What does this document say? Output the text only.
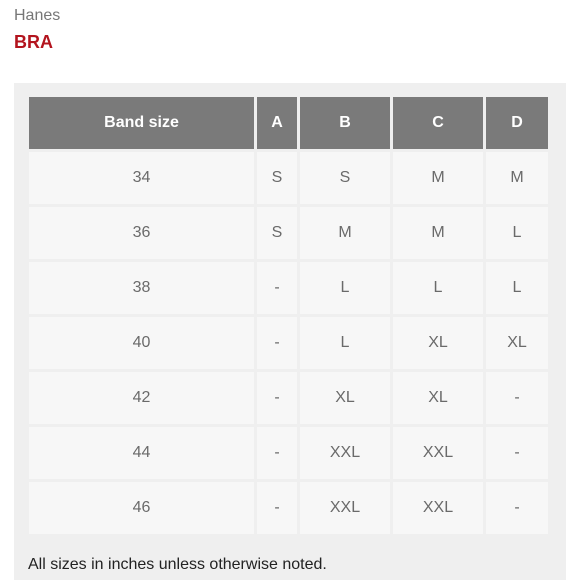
Hanes
BRA
Band size	A	B	C	D
34	S	S	M	M
36	S	M	M	L
38	-	L	L	L
40	-	L	XL	XL
42	-	XL	XL	-
44	-	XXL	XXL	-
46	-	XXL	XXL	-
All sizes in inches unless otherwise noted.
